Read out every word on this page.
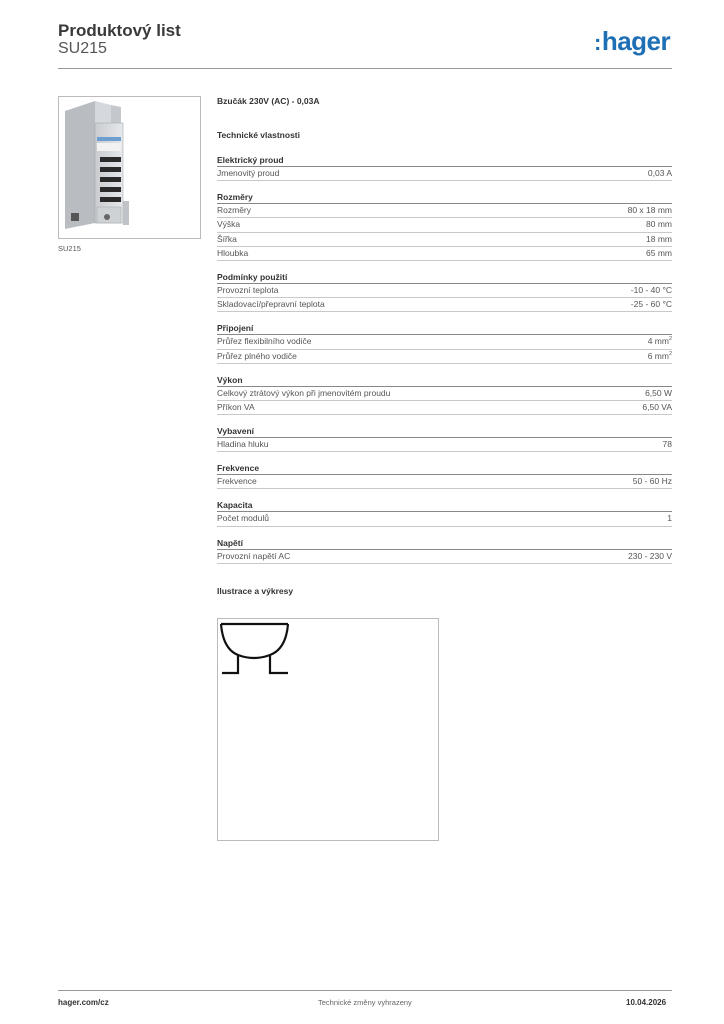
Produktový list
SU215	:hager
SU215
Bzučák 230V (AC) - 0,03A
Technické vlastnosti
Elektrický proud
Jmenovitý proud	0,03 A
Rozměry
Rozměry	80 x 18 mm
Výška	80 mm
Šířka	18 mm
Hloubka	65 mm
Podmínky použití
Provozní teplota	-10 - 40 °C
Skladovací/přepravní teplota	-25 - 60 °C
Připojení
Průřez flexibilního vodiče	4 $mm^2$
Průřez plného vodiče	6 $mm^2$
Výkon
Celkový ztrátový výkon při jmenovitém proudu	6,50 W
Příkon VA	6,50 VA
Vybavení
Hladina hluku	78
Frekvence
Frekvence	50 - 60 Hz
Kapacita
Počet modulů	1
Napětí
Provozní napětí AC	230 - 230 V
Ilustrace a výkresy
hager.com/cz	Technické změny vyhrazeny	10.04.2026
